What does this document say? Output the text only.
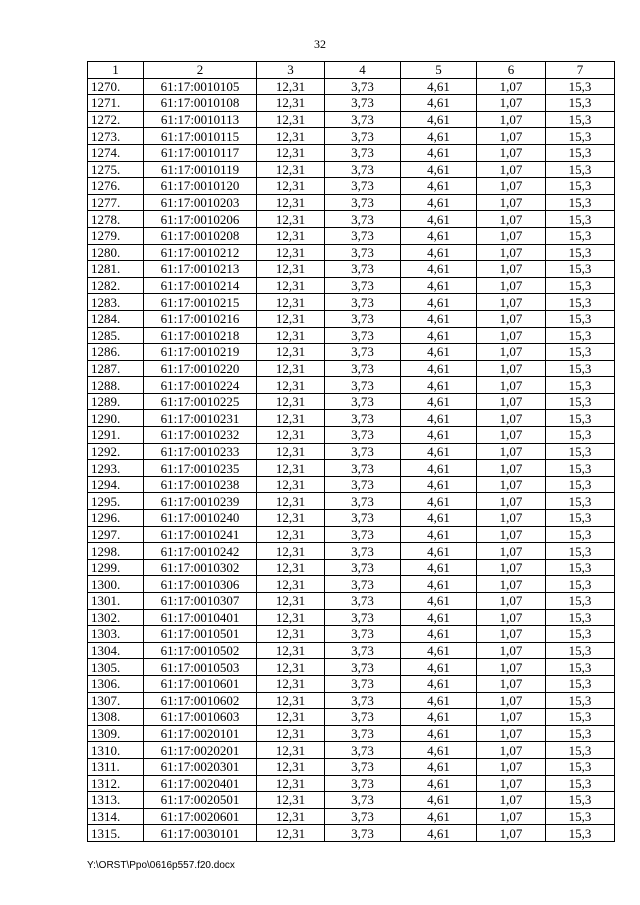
32
1	2	3	4	5	6	7
1270.	61:17:0010105	12,31	3,73	4,61	1,07	15,3
1271.	61:17:0010108	12,31	3,73	4,61	1,07	15,3
1272.	61:17:0010113	12,31	3,73	4,61	1,07	15,3
1273.	61:17:0010115	12,31	3,73	4,61	1,07	15,3
1274.	61:17:0010117	12,31	3,73	4,61	1,07	15,3
1275.	61:17:0010119	12,31	3,73	4,61	1,07	15,3
1276.	61:17:0010120	12,31	3,73	4,61	1,07	15,3
1277.	61:17:0010203	12,31	3,73	4,61	1,07	15,3
1278.	61:17:0010206	12,31	3,73	4,61	1,07	15,3
1279.	61:17:0010208	12,31	3,73	4,61	1,07	15,3
1280.	61:17:0010212	12,31	3,73	4,61	1,07	15,3
1281.	61:17:0010213	12,31	3,73	4,61	1,07	15,3
1282.	61:17:0010214	12,31	3,73	4,61	1,07	15,3
1283.	61:17:0010215	12,31	3,73	4,61	1,07	15,3
1284.	61:17:0010216	12,31	3,73	4,61	1,07	15,3
1285.	61:17:0010218	12,31	3,73	4,61	1,07	15,3
1286.	61:17:0010219	12,31	3,73	4,61	1,07	15,3
1287.	61:17:0010220	12,31	3,73	4,61	1,07	15,3
1288.	61:17:0010224	12,31	3,73	4,61	1,07	15,3
1289.	61:17:0010225	12,31	3,73	4,61	1,07	15,3
1290.	61:17:0010231	12,31	3,73	4,61	1,07	15,3
1291.	61:17:0010232	12,31	3,73	4,61	1,07	15,3
1292.	61:17:0010233	12,31	3,73	4,61	1,07	15,3
1293.	61:17:0010235	12,31	3,73	4,61	1,07	15,3
1294.	61:17:0010238	12,31	3,73	4,61	1,07	15,3
1295.	61:17:0010239	12,31	3,73	4,61	1,07	15,3
1296.	61:17:0010240	12,31	3,73	4,61	1,07	15,3
1297.	61:17:0010241	12,31	3,73	4,61	1,07	15,3
1298.	61:17:0010242	12,31	3,73	4,61	1,07	15,3
1299.	61:17:0010302	12,31	3,73	4,61	1,07	15,3
1300.	61:17:0010306	12,31	3,73	4,61	1,07	15,3
1301.	61:17:0010307	12,31	3,73	4,61	1,07	15,3
1302.	61:17:0010401	12,31	3,73	4,61	1,07	15,3
1303.	61:17:0010501	12,31	3,73	4,61	1,07	15,3
1304.	61:17:0010502	12,31	3,73	4,61	1,07	15,3
1305.	61:17:0010503	12,31	3,73	4,61	1,07	15,3
1306.	61:17:0010601	12,31	3,73	4,61	1,07	15,3
1307.	61:17:0010602	12,31	3,73	4,61	1,07	15,3
1308.	61:17:0010603	12,31	3,73	4,61	1,07	15,3
1309.	61:17:0020101	12,31	3,73	4,61	1,07	15,3
1310.	61:17:0020201	12,31	3,73	4,61	1,07	15,3
1311.	61:17:0020301	12,31	3,73	4,61	1,07	15,3
1312.	61:17:0020401	12,31	3,73	4,61	1,07	15,3
1313.	61:17:0020501	12,31	3,73	4,61	1,07	15,3
1314.	61:17:0020601	12,31	3,73	4,61	1,07	15,3
1315.	61:17:0030101	12,31	3,73	4,61	1,07	15,3
Y:\ORST\Ppo\0616p557.f20.docx
